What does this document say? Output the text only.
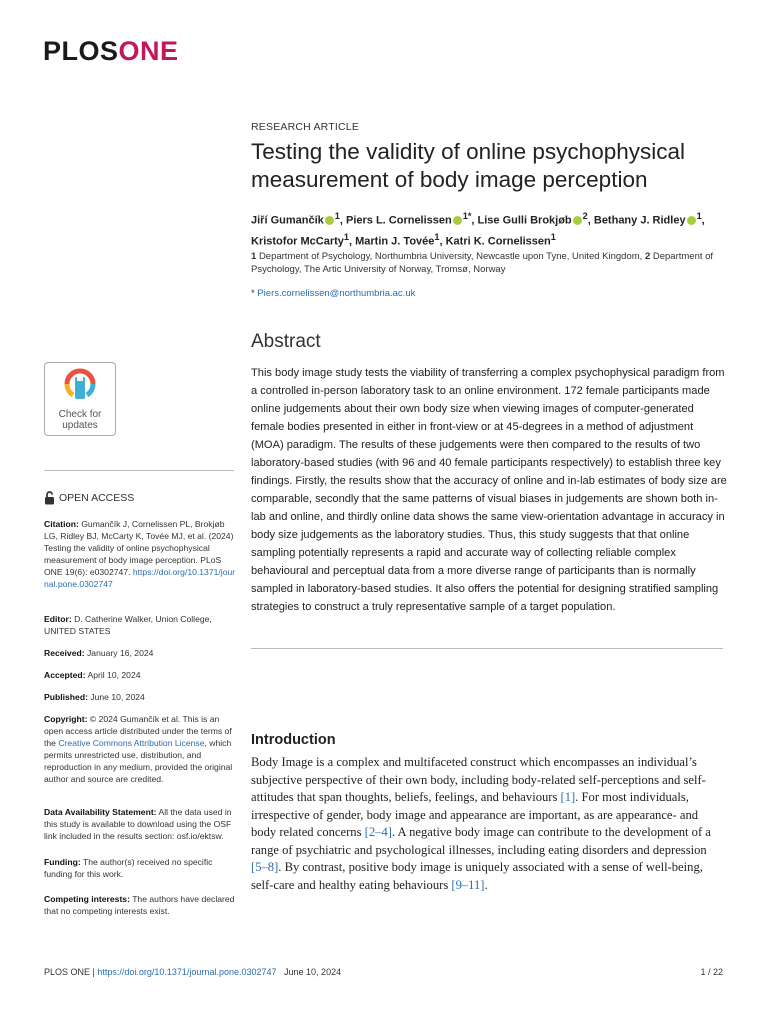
PLOSONE
RESEARCH ARTICLE
Testing the validity of online psychophysical measurement of body image perception
Jiří Gumančík $^1$, Piers L. Cornelissen $^{1*}$, Lise Gulli Brokjøb $^2$, Bethany J. Ridley $^1$,
Kristofor McCarty$^1$, Martin J. Tovée$^1$, Katri K. Cornelissen$^1$
1 Department of Psychology, Northumbria University, Newcastle upon Tyne, United Kingdom, 2 Department of Psychology, The Artic University of Norway, Tromsø, Norway
* Piers.cornelissen@northumbria.ac.uk
Abstract
This body image study tests the viability of transferring a complex psychophysical paradigm from a controlled in-person laboratory task to an online environment. 172 female participants made online judgements about their own body size when viewing images of computer-generated female bodies presented in either in front-view or at 45-degrees in a method of adjustment (MOA) paradigm. The results of these judgements were then compared to the results of two laboratory-based studies (with 96 and 40 female participants respectively) to establish three key findings. Firstly, the results show that the accuracy of online and in-lab estimates of body size are comparable, secondly that the same patterns of visual biases in judgements are shown both in-lab and online, and thirdly online data shows the same view-orientation advantage in accuracy in body size judgements as the laboratory studies. Thus, this study suggests that that online sampling potentially represents a rapid and accurate way of collecting reliable complex behavioural and perceptual data from a more diverse range of participants than is normally sampled in laboratory-based studies. It also offers the potential for designing stratified sampling strategies to construct a truly representative sample of a target population.
Introduction
Body Image is a complex and multifaceted construct which encompasses an individual’s subjective perspective of their own body, including body-related self-perceptions and self-attitudes that span thoughts, beliefs, feelings, and behaviours [1]. For most individuals, irrespective of gender, body image and appearance are important, as are appearance- and body related concerns [2–4]. A negative body image can contribute to the development of a range of psychiatric and psychological illnesses, including eating disorders and depression [5–8]. By contrast, positive body image is uniquely associated with a sense of well-being, self-care and healthy eating behaviours [9–11].
Check for
updates
OPEN ACCESS
Citation: Gumančík J, Cornelissen PL, Brokjøb LG, Ridley BJ, McCarty K, Tovée MJ, et al. (2024) Testing the validity of online psychophysical measurement of body image perception. PLoS ONE 19(6): e0302747. https://doi.org/10.1371/journal.pone.0302747
Editor: D. Catherine Walker, Union College, UNITED STATES
Received: January 16, 2024
Accepted: April 10, 2024
Published: June 10, 2024
Copyright: © 2024 Gumančík et al. This is an open access article distributed under the terms of the Creative Commons Attribution License, which permits unrestricted use, distribution, and reproduction in any medium, provided the original author and source are credited.
Data Availability Statement: All the data used in this study is available to download using the OSF link included in the results section: osf.io/ektsw.
Funding: The author(s) received no specific funding for this work.
Competing interests: The authors have declared that no competing interests exist.
PLOS ONE | https://doi.org/10.1371/journal.pone.0302747 June 10, 2024	1 / 22
